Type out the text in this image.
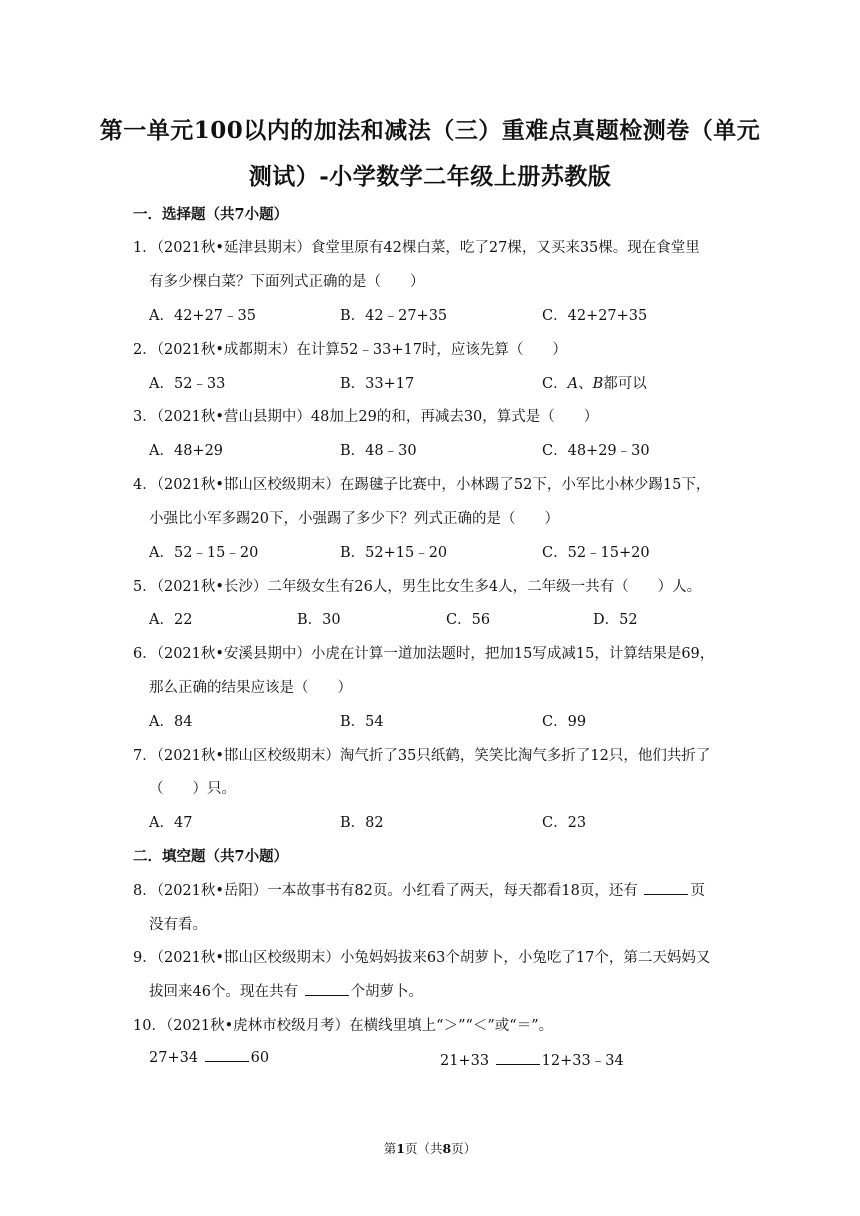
第一单元100以内的加法和减法（三）重难点真题检测卷（单元
测试）-小学数学二年级上册苏教版
一．选择题（共7小题）
1．（2021秋•延津县期末）食堂里原有42棵白菜，吃了27棵，又买来35棵。现在食堂里
有多少棵白菜？下面列式正确的是（　　）
A．42+27﹣35	B．42﹣27+35	C．42+27+35
2．（2021秋•成都期末）在计算52﹣33+17时，应该先算（　　）
A．52﹣33	B．33+17	C．A、B都可以
3．（2021秋•营山县期中）48加上29的和，再减去30，算式是（　　）
A．48+29	B．48﹣30	C．48+29﹣30
4．（2021秋•邯山区校级期末）在踢毽子比赛中，小林踢了52下，小军比小林少踢15下，
小强比小军多踢20下，小强踢了多少下？列式正确的是（　　）
A．52﹣15﹣20	B．52+15﹣20	C．52﹣15+20
5．（2021秋•长沙）二年级女生有26人，男生比女生多4人，二年级一共有（　　）人。
A．22	B．30	C．56	D．52
6．（2021秋•安溪县期中）小虎在计算一道加法题时，把加15写成减15，计算结果是69，
那么正确的结果应该是（　　）
A．84	B．54	C．99
7．（2021秋•邯山区校级期末）淘气折了35只纸鹤，笑笑比淘气多折了12只，他们共折了
（　　）只。
A．47	B．82	C．23
二．填空题（共7小题）
8．（2021秋•岳阳）一本故事书有82页。小红看了两天，每天都看18页，还有	页
没有看。
9．（2021秋•邯山区校级期末）小兔妈妈拔来63个胡萝卜，小兔吃了17个，第二天妈妈又
拔回来46个。现在共有	个胡萝卜。
10．（2021秋•虎林市校级月考）在横线里填上“＞”“＜”或“＝”。
27+34	60	21+33	12+33﹣34
第1页（共8页）
